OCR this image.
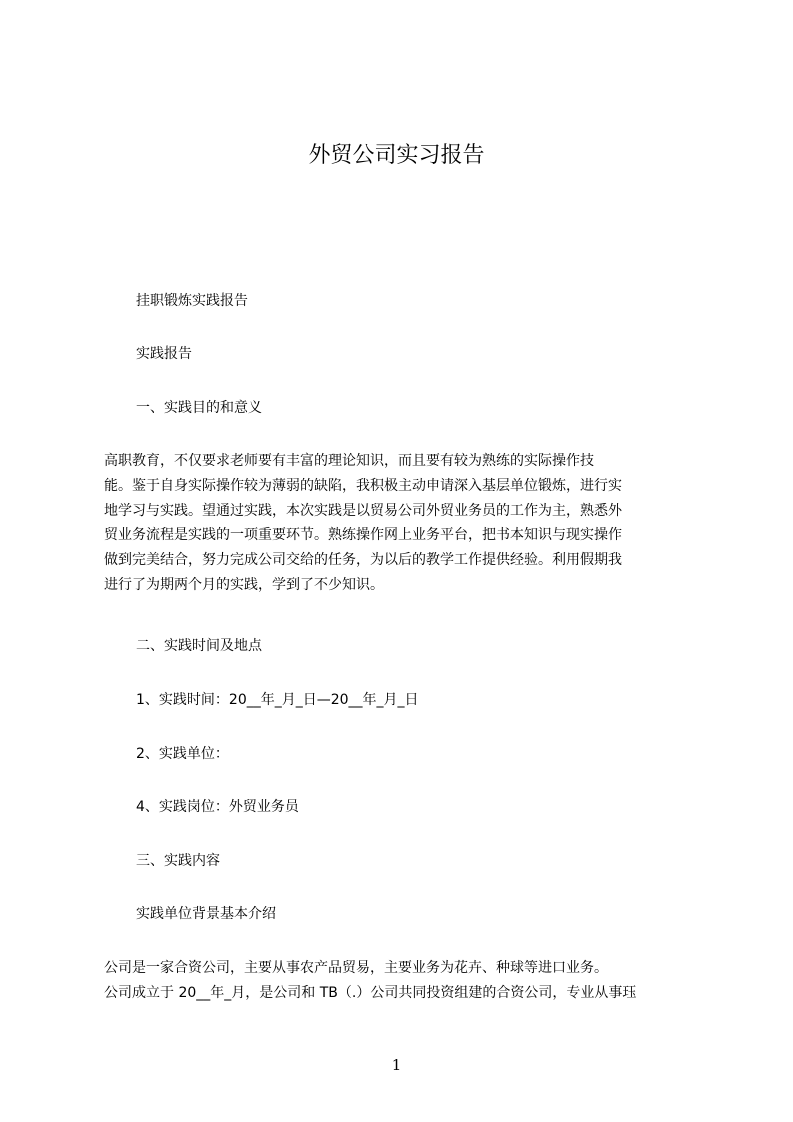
外贸公司实习报告
挂职锻炼实践报告
实践报告
一、实践目的和意义
高职教育，不仅要求老师要有丰富的理论知识，而且要有较为熟练的实际操作技
能。鉴于自身实际操作较为薄弱的缺陷，我积极主动申请深入基层单位锻炼，进行实
地学习与实践。望通过实践，本次实践是以贸易公司外贸业务员的工作为主，熟悉外
贸业务流程是实践的一项重要环节。熟练操作网上业务平台，把书本知识与现实操作
做到完美结合，努力完成公司交给的任务，为以后的教学工作提供经验。利用假期我
进行了为期两个月的实践，学到了不少知识。
二、实践时间及地点
1、实践时间：20__年_月_日—20__年_月_日
2、实践单位：
4、实践岗位：外贸业务员
三、实践内容
实践单位背景基本介绍
公司是一家合资公司，主要从事农产品贸易，主要业务为花卉、种球等进口业务。
公司成立于 20__年_月，是公司和 TB（.）公司共同投资组建的合资公司，专业从事珏
1
